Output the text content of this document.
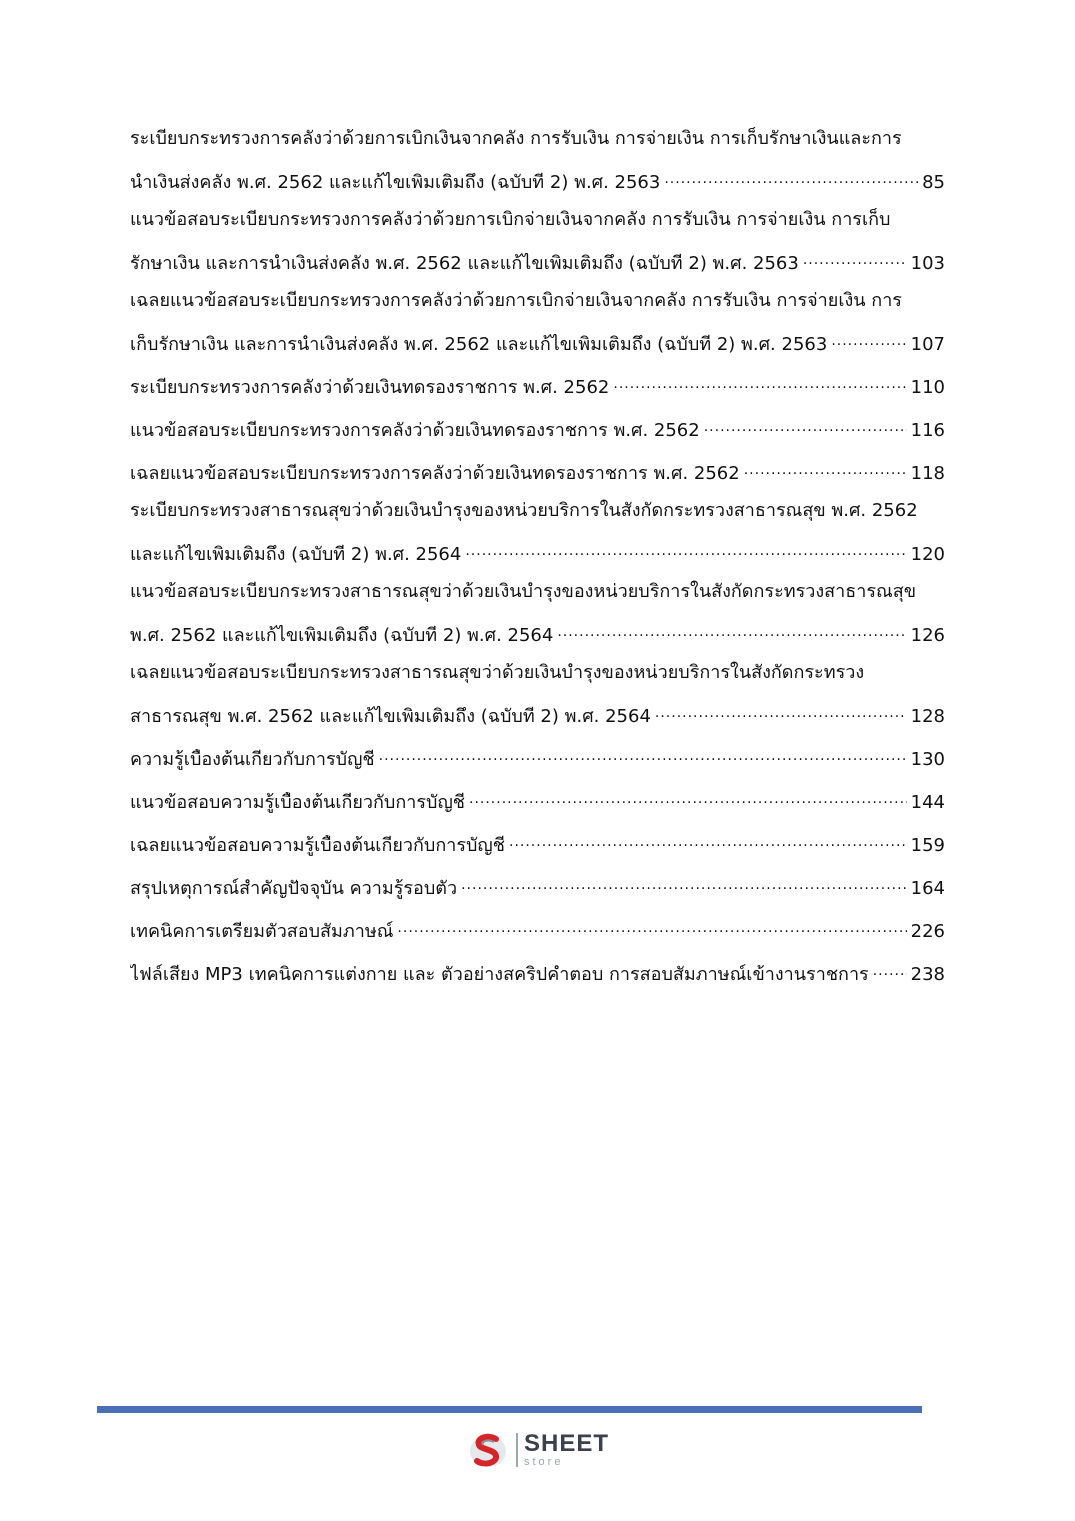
ระเบียบกระทรวงการคลังว่าด้วยการเบิกเงินจากคลัง การรับเงิน การจ่ายเงิน การเก็บรักษาเงินและการ
นำเงินส่งคลัง พ.ศ. 2562 และแก้ไขเพิ่มเติมถึง (ฉบับที่ 2) พ.ศ. 2563 .....	85
แนวข้อสอบระเบียบกระทรวงการคลังว่าด้วยการเบิกจ่ายเงินจากคลัง การรับเงิน การจ่ายเงิน การเก็บ
รักษาเงิน และการนำเงินส่งคลัง พ.ศ. 2562 และแก้ไขเพิ่มเติมถึง (ฉบับที่ 2) พ.ศ. 2563 .....	103
เฉลยแนวข้อสอบระเบียบกระทรวงการคลังว่าด้วยการเบิกจ่ายเงินจากคลัง การรับเงิน การจ่ายเงิน การ
เก็บรักษาเงิน และการนำเงินส่งคลัง พ.ศ. 2562 และแก้ไขเพิ่มเติมถึง (ฉบับที่ 2) พ.ศ. 2563 .....	107
ระเบียบกระทรวงการคลังว่าด้วยเงินทดรองราชการ พ.ศ. 2562 .....	110
แนวข้อสอบระเบียบกระทรวงการคลังว่าด้วยเงินทดรองราชการ พ.ศ. 2562 .....	116
เฉลยแนวข้อสอบระเบียบกระทรวงการคลังว่าด้วยเงินทดรองราชการ พ.ศ. 2562 .....	118
ระเบียบกระทรวงสาธารณสุขว่าด้วยเงินบำรุงของหน่วยบริการในสังกัดกระทรวงสาธารณสุข พ.ศ. 2562
และแก้ไขเพิ่มเติมถึง (ฉบับที่ 2) พ.ศ. 2564 .....	120
แนวข้อสอบระเบียบกระทรวงสาธารณสุขว่าด้วยเงินบำรุงของหน่วยบริการในสังกัดกระทรวงสาธารณสุข
พ.ศ. 2562 และแก้ไขเพิ่มเติมถึง (ฉบับที่ 2) พ.ศ. 2564 .....	126
เฉลยแนวข้อสอบระเบียบกระทรวงสาธารณสุขว่าด้วยเงินบำรุงของหน่วยบริการในสังกัดกระทรวง
สาธารณสุข พ.ศ. 2562 และแก้ไขเพิ่มเติมถึง (ฉบับที่ 2) พ.ศ. 2564 .....	128
ความรู้เบื้องต้นเกี่ยวกับการบัญชี .....	130
แนวข้อสอบความรู้เบื้องต้นเกี่ยวกับการบัญชี .....	144
เฉลยแนวข้อสอบความรู้เบื้องต้นเกี่ยวกับการบัญชี .....	159
สรุปเหตุการณ์สำคัญปัจจุบัน ความรู้รอบตัว .....	164
เทคนิคการเตรียมตัวสอบสัมภาษณ์ .....	226
ไฟล์เสียง MP3 เทคนิคการแต่งกาย และ ตัวอย่างสคริปคำตอบ การสอบสัมภาษณ์เข้างานราชการ ..... 238
SHEET
store
